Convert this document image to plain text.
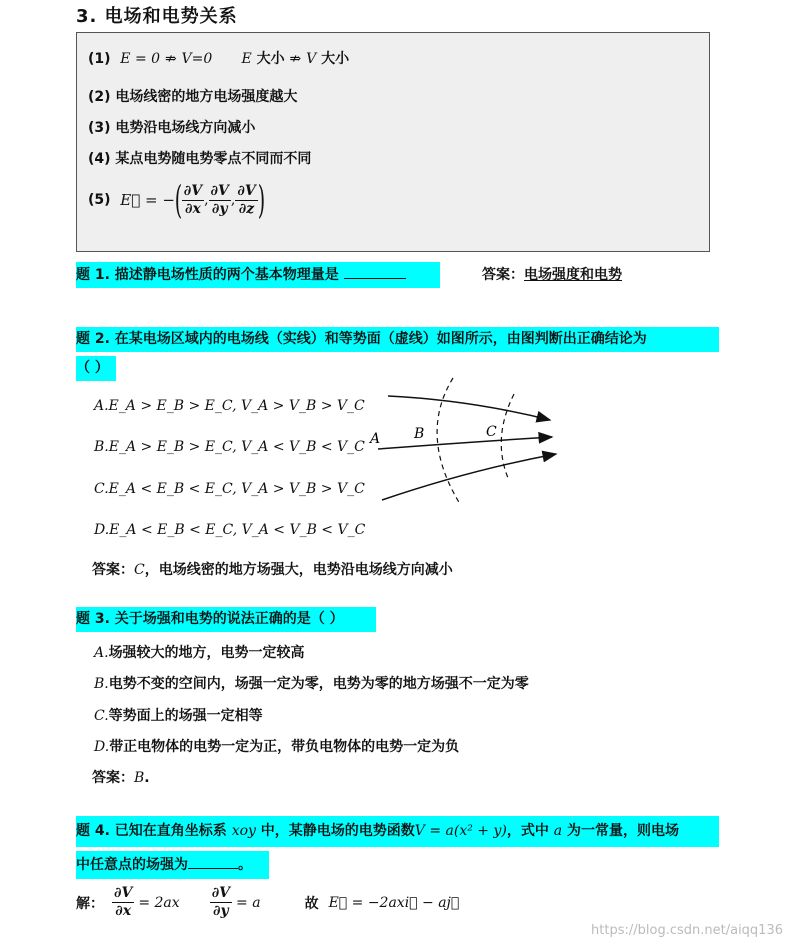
3. 电场和电势关系
(1) E = 0 ⇏ V=0 E 大小 ⇏ V 大小
(2) 电场线密的地方电场强度越大
(3) 电势沿电场线方向减小
(4) 某点电势随电势零点不同而不同
(5)
E⃗ = − ( $\frac{\partial V}{\partial x}$ , $\frac{\partial V}{\partial y}$ , $\frac{\partial V}{\partial z}$ )
题 1. 描述静电场性质的两个基本物理量是	答案：电场强度和电势
题 2. 在某电场区域内的电场线（实线）和等势面（虚线）如图所示，由图判断出正确结论为
（ ）
A.E_A > E_B > E_C, V_A > V_B > V_C
B.E_A > E_B > E_C, V_A < V_B < V_C
C.E_A < E_B < E_C, V_A > V_B > V_C
D.E_A < E_B < E_C, V_A < V_B < V_C
A B	C
答案：C，电场线密的地方场强大，电势沿电场线方向减小
题 3. 关于场强和电势的说法正确的是（ ）
A.场强较大的地方，电势一定较高
B.电势不变的空间内，场强一定为零，电势为零的地方场强不一定为零
C.等势面上的场强一定相等
D.带正电物体的电势一定为正，带负电物体的电势一定为负
答案：B.
题 4. 已知在直角坐标系 xoy 中，某静电场的电势函数V = a(x² + y)，式中 a 为一常量，则电场
中任意点的场强为	。
解： $\frac{\partial V}{\partial x} = 2ax \frac{\partial V}{\partial y} = a$	故 E⃗ = −2axi⃗ − aj⃗
https://blog.csdn.net/aiqq136
